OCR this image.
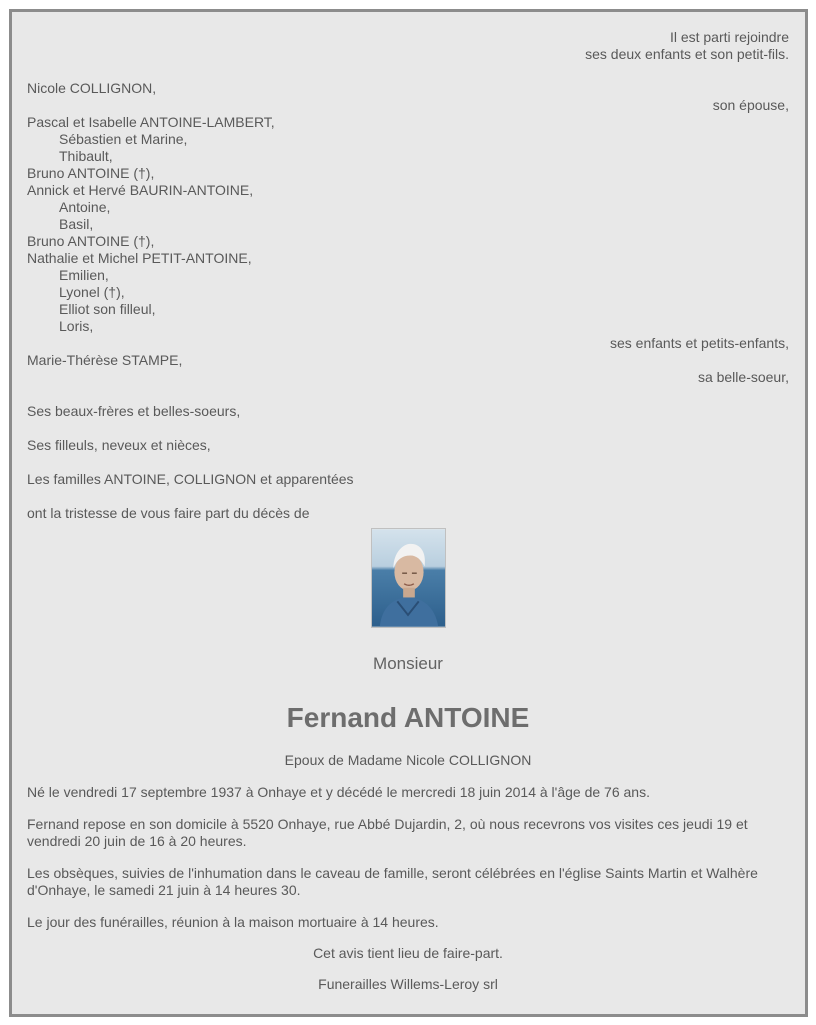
Il est parti rejoindre
ses deux enfants et son petit-fils.
Nicole COLLIGNON,
son épouse,
Pascal et Isabelle ANTOINE-LAMBERT,
Sébastien et Marine,
Thibault,
Bruno ANTOINE (†),
Annick et Hervé BAURIN-ANTOINE,
Antoine,
Basil,
Bruno ANTOINE (†),
Nathalie et Michel PETIT-ANTOINE,
Emilien,
Lyonel (†),
Elliot son filleul,
Loris,
ses enfants et petits-enfants,
Marie-Thérèse STAMPE,
sa belle-soeur,
Ses beaux-frères et belles-soeurs,
Ses filleuls, neveux et nièces,
Les familles ANTOINE, COLLIGNON et apparentées
ont la tristesse de vous faire part du décès de
Monsieur
Fernand ANTOINE
Epoux de Madame Nicole COLLIGNON
Né le vendredi 17 septembre 1937 à Onhaye et y décédé le mercredi 18 juin 2014 à l'âge de 76 ans.
Fernand repose en son domicile à 5520 Onhaye, rue Abbé Dujardin, 2, où nous recevrons vos visites ces jeudi 19 et vendredi 20 juin de 16 à 20 heures.
Les obsèques, suivies de l'inhumation dans le caveau de famille, seront célébrées en l'église Saints Martin et Walhère d'Onhaye, le samedi 21 juin à 14 heures 30.
Le jour des funérailles, réunion à la maison mortuaire à 14 heures.
Cet avis tient lieu de faire-part.
Funerailles Willems-Leroy srl
